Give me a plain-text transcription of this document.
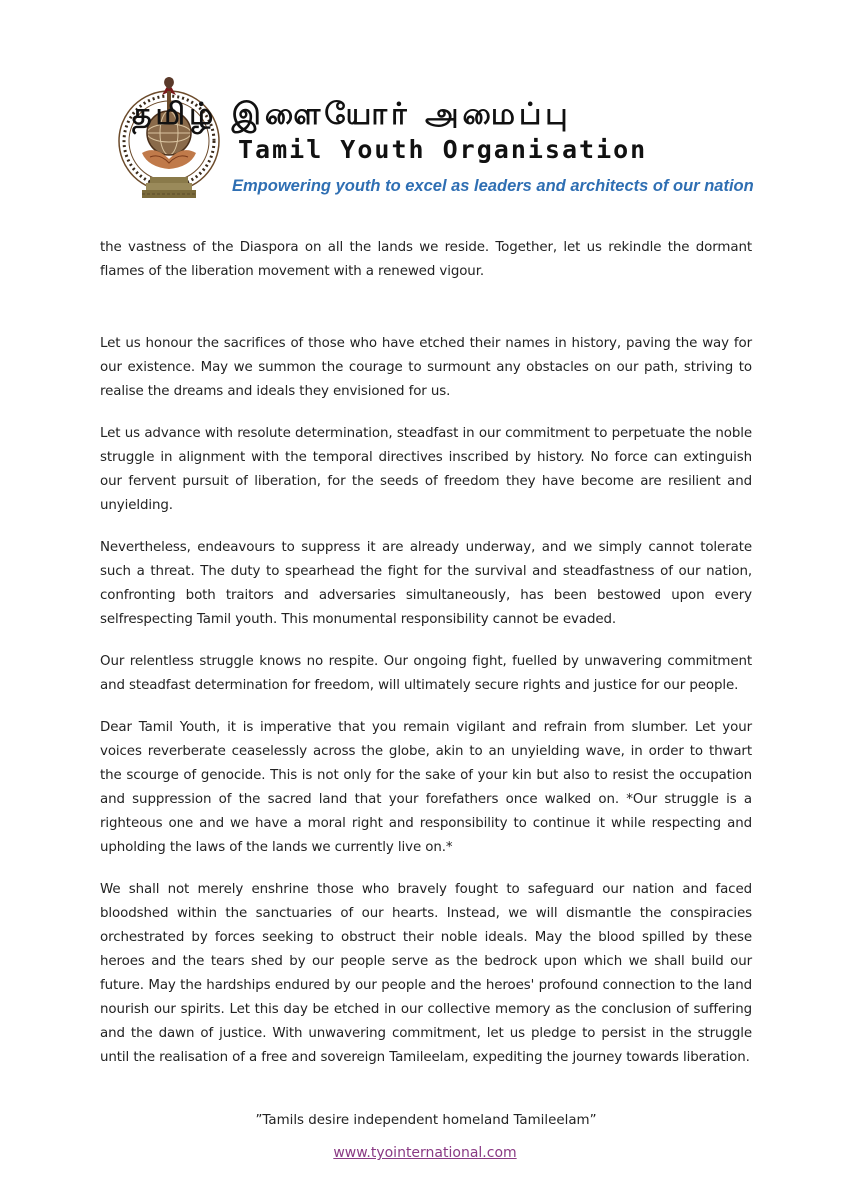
தமிழ் இளையோர் அமைப்பு
Tamil Youth Organisation
Empowering youth to excel as leaders and architects of our nation

the vastness of the Diaspora on all the lands we reside. Together, let us rekindle the dormant flames of the liberation movement with a renewed vigour.

Let us honour the sacrifices of those who have etched their names in history, paving the way for our existence. May we summon the courage to surmount any obstacles on our path, striving to realise the dreams and ideals they envisioned for us.

Let us advance with resolute determination, steadfast in our commitment to perpetuate the noble struggle in alignment with the temporal directives inscribed by history. No force can extinguish our fervent pursuit of liberation, for the seeds of freedom they have become are resilient and unyielding.

Nevertheless, endeavours to suppress it are already underway, and we simply cannot tolerate such a threat. The duty to spearhead the fight for the survival and steadfastness of our nation, confronting both traitors and adversaries simultaneously, has been bestowed upon every selfrespecting Tamil youth. This monumental responsibility cannot be evaded.

Our relentless struggle knows no respite. Our ongoing fight, fuelled by unwavering commitment and steadfast determination for freedom, will ultimately secure rights and justice for our people.

Dear Tamil Youth, it is imperative that you remain vigilant and refrain from slumber. Let your voices reverberate ceaselessly across the globe, akin to an unyielding wave, in order to thwart the scourge of genocide. This is not only for the sake of your kin but also to resist the occupation and suppression of the sacred land that your forefathers once walked on. *Our struggle is a righteous one and we have a moral right and responsibility to continue it while respecting and upholding the laws of the lands we currently live on.*

We shall not merely enshrine those who bravely fought to safeguard our nation and faced bloodshed within the sanctuaries of our hearts. Instead, we will dismantle the conspiracies orchestrated by forces seeking to obstruct their noble ideals. May the blood spilled by these heroes and the tears shed by our people serve as the bedrock upon which we shall build our future. May the hardships endured by our people and the heroes' profound connection to the land nourish our spirits. Let this day be etched in our collective memory as the conclusion of suffering and the dawn of justice. With unwavering commitment, let us pledge to persist in the struggle until the realisation of a free and sovereign Tamileelam, expediting the journey towards liberation.

”Tamils desire independent homeland Tamileelam”

www.tyointernational.com
